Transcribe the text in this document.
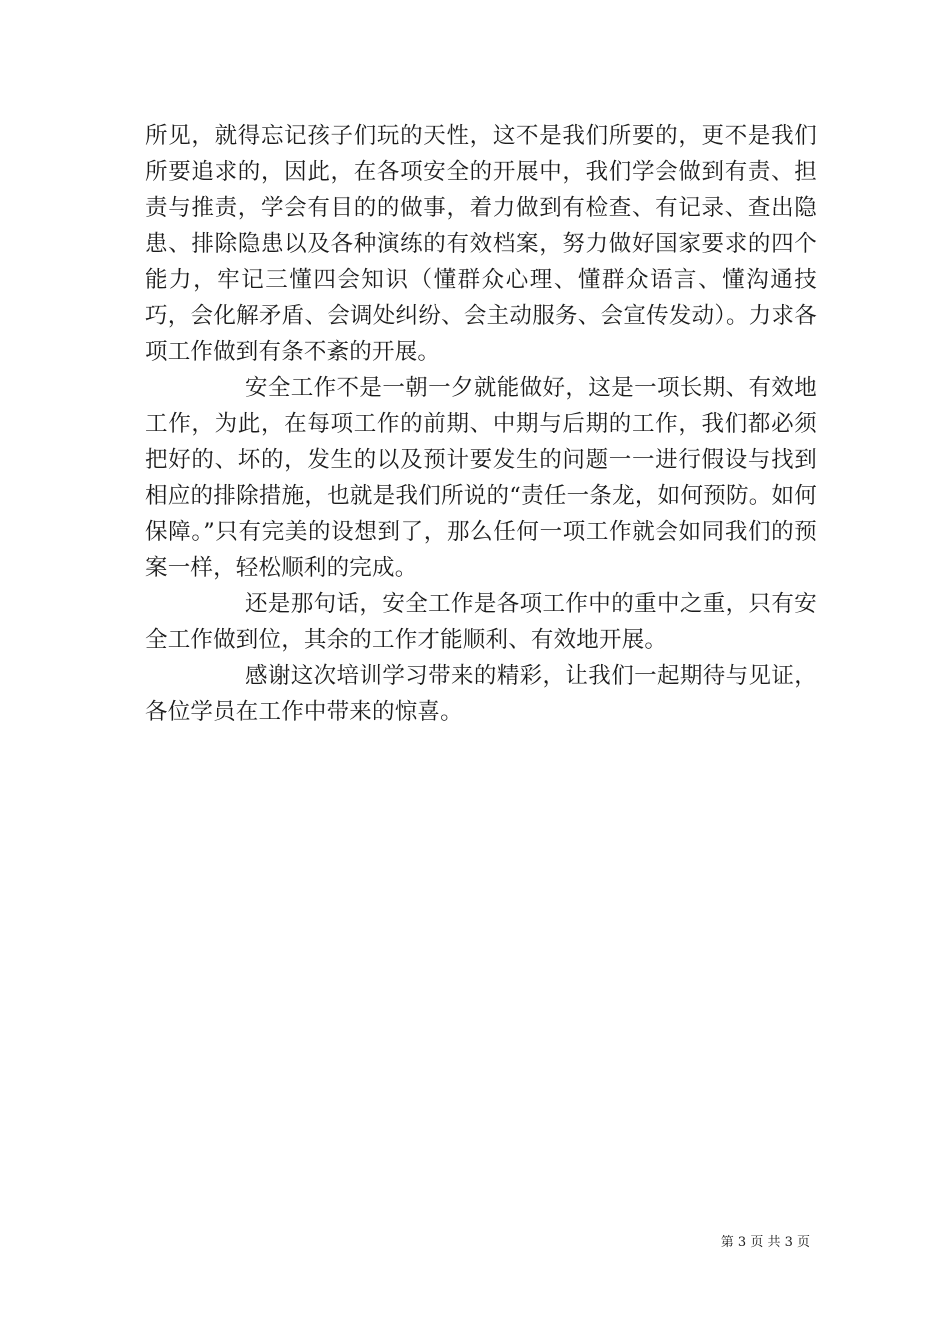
所见，就得忘记孩子们玩的天性，这不是我们所要的，更不是我们所要追求的，因此，在各项安全的开展中，我们学会做到有责、担责与推责，学会有目的的做事，着力做到有检查、有记录、查出隐患、排除隐患以及各种演练的有效档案，努力做好国家要求的四个能力，牢记三懂四会知识（懂群众心理、懂群众语言、懂沟通技巧，会化解矛盾、会调处纠纷、会主动服务、会宣传发动）。力求各项工作做到有条不紊的开展。

安全工作不是一朝一夕就能做好，这是一项长期、有效地工作，为此，在每项工作的前期、中期与后期的工作，我们都必须把好的、坏的，发生的以及预计要发生的问题一一进行假设与找到相应的排除措施，也就是我们所说的“责任一条龙，如何预防。如何保障。”只有完美的设想到了，那么任何一项工作就会如同我们的预案一样，轻松顺利的完成。

还是那句话，安全工作是各项工作中的重中之重，只有安全工作做到位，其余的工作才能顺利、有效地开展。

感谢这次培训学习带来的精彩，让我们一起期待与见证，各位学员在工作中带来的惊喜。

第 3 页 共 3 页
